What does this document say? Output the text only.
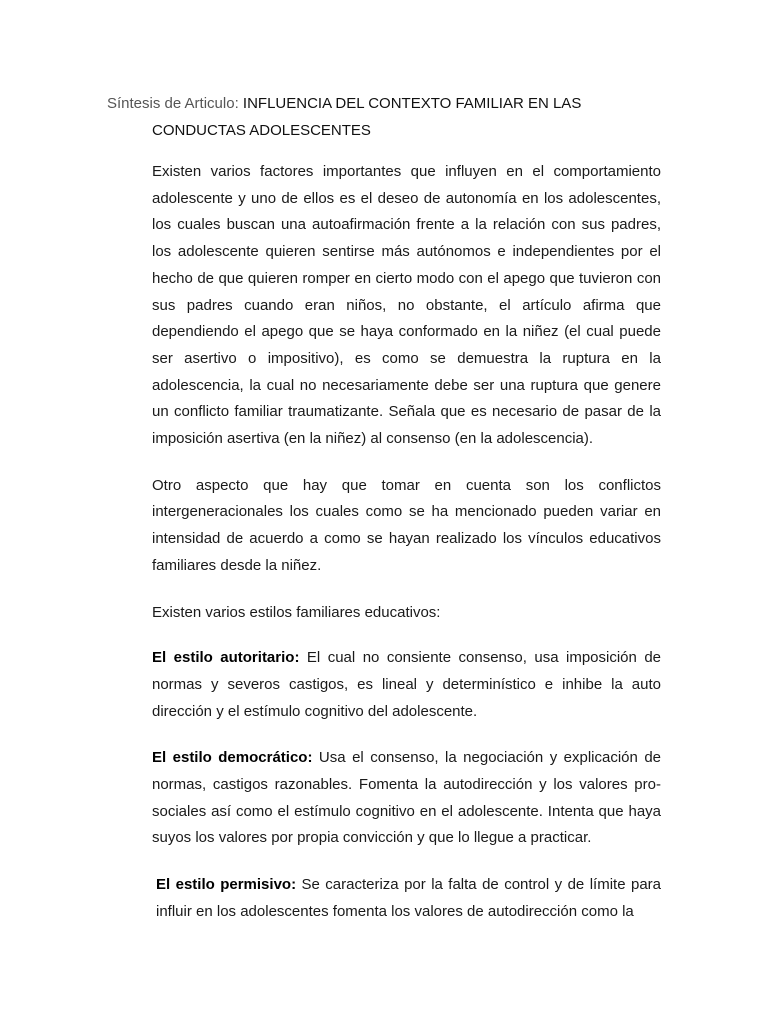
Síntesis de Articulo: INFLUENCIA DEL CONTEXTO FAMILIAR EN LAS
CONDUCTAS ADOLESCENTES

Existen varios factores importantes que influyen en el comportamiento adolescente y uno de ellos es el deseo de autonomía en los adolescentes, los cuales buscan una autoafirmación frente a la relación con sus padres, los adolescente quieren sentirse más autónomos e independientes por el hecho de que quieren romper en cierto modo con el apego que tuvieron con sus padres cuando eran niños, no obstante, el artículo afirma que dependiendo el apego que se haya conformado en la niñez (el cual puede ser asertivo o impositivo), es como se demuestra la ruptura en la adolescencia, la cual no necesariamente debe ser una ruptura que genere un conflicto familiar traumatizante. Señala que es necesario de pasar de la imposición asertiva (en la niñez) al consenso (en la adolescencia).

Otro aspecto que hay que tomar en cuenta son los conflictos intergeneracionales los cuales como se ha mencionado pueden variar en intensidad de acuerdo a como se hayan realizado los vínculos educativos familiares desde la niñez.

Existen varios estilos familiares educativos:

El estilo autoritario: El cual no consiente consenso, usa imposición de normas y severos castigos, es lineal y determinístico e inhibe la auto dirección y el estímulo cognitivo del adolescente.

El estilo democrático: Usa el consenso, la negociación y explicación de normas, castigos razonables. Fomenta la autodirección y los valores pro-sociales así como el estímulo cognitivo en el adolescente. Intenta que haya suyos los valores por propia convicción y que lo llegue a practicar.

El estilo permisivo: Se caracteriza por la falta de control y de límite para influir en los adolescentes fomenta los valores de autodirección como la
